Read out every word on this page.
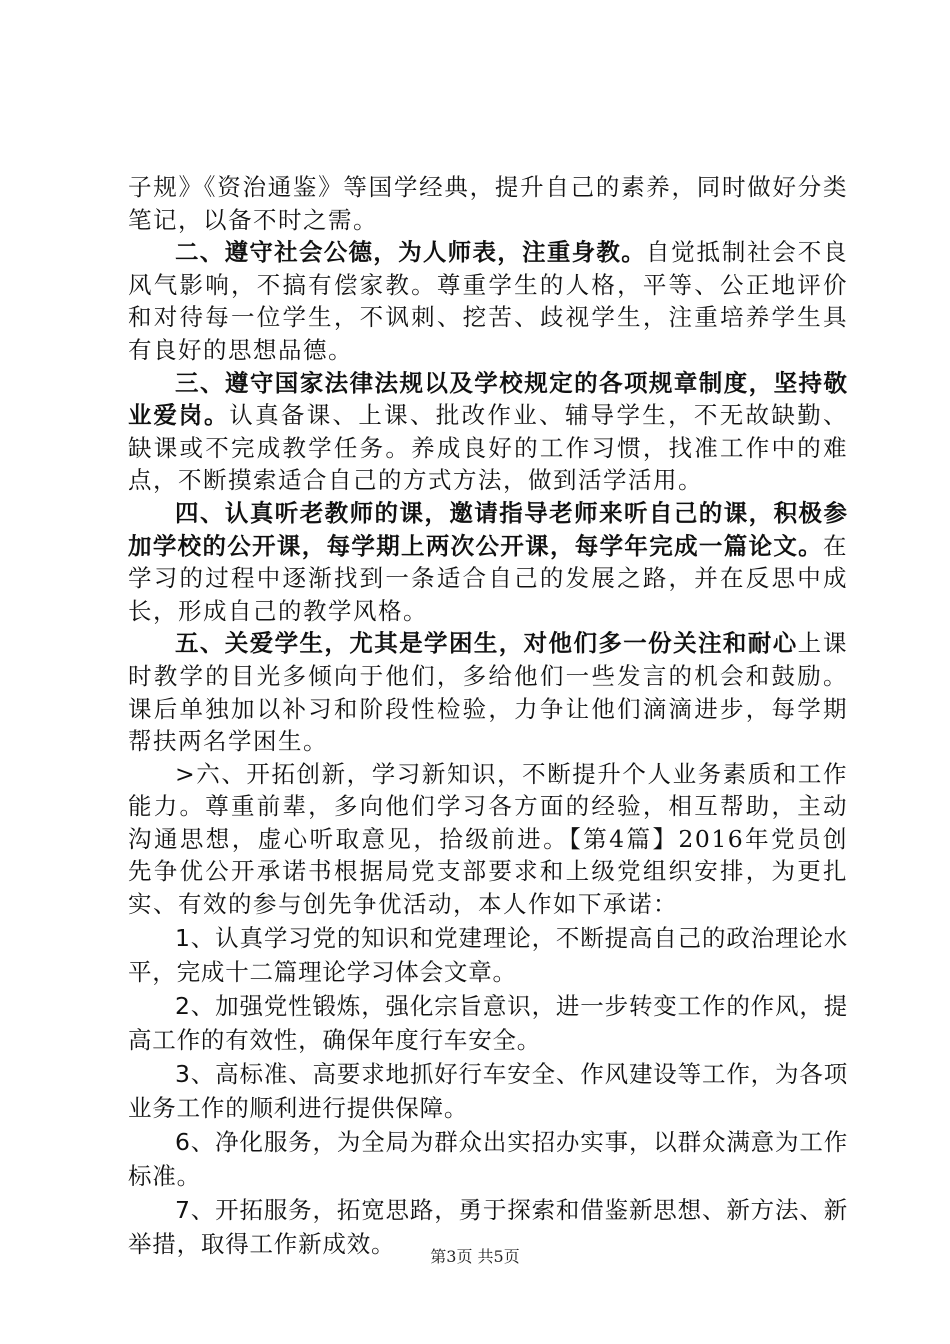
子规》《资治通鉴》等国学经典，提升自己的素养，同时做好分类笔记，以备不时之需。

二、遵守社会公德，为人师表，注重身教。自觉抵制社会不良风气影响，不搞有偿家教。尊重学生的人格，平等、公正地评价和对待每一位学生，不讽刺、挖苦、歧视学生，注重培养学生具有良好的思想品德。

三、遵守国家法律法规以及学校规定的各项规章制度，坚持敬业爱岗。认真备课、上课、批改作业、辅导学生，不无故缺勤、缺课或不完成教学任务。养成良好的工作习惯，找准工作中的难点，不断摸索适合自己的方式方法，做到活学活用。

四、认真听老教师的课，邀请指导老师来听自己的课，积极参加学校的公开课，每学期上两次公开课，每学年完成一篇论文。在学习的过程中逐渐找到一条适合自己的发展之路，并在反思中成长，形成自己的教学风格。

五、关爱学生，尤其是学困生，对他们多一份关注和耐心上课时教学的目光多倾向于他们，多给他们一些发言的机会和鼓励。课后单独加以补习和阶段性检验，力争让他们滴滴进步，每学期帮扶两名学困生。

>六、开拓创新，学习新知识，不断提升个人业务素质和工作能力。尊重前辈，多向他们学习各方面的经验，相互帮助，主动沟通思想，虚心听取意见，拾级前进。【第4篇】2016年党员创先争优公开承诺书根据局党支部要求和上级党组织安排，为更扎实、有效的参与创先争优活动，本人作如下承诺：

1、认真学习党的知识和党建理论，不断提高自己的政治理论水平，完成十二篇理论学习体会文章。

2、加强党性锻炼，强化宗旨意识，进一步转变工作的作风，提高工作的有效性，确保年度行车安全。

3、高标准、高要求地抓好行车安全、作风建设等工作，为各项业务工作的顺利进行提供保障。

6、净化服务，为全局为群众出实招办实事，以群众满意为工作标准。

7、开拓服务，拓宽思路，勇于探索和借鉴新思想、新方法、新举措，取得工作新成效。	第3页 共5页
